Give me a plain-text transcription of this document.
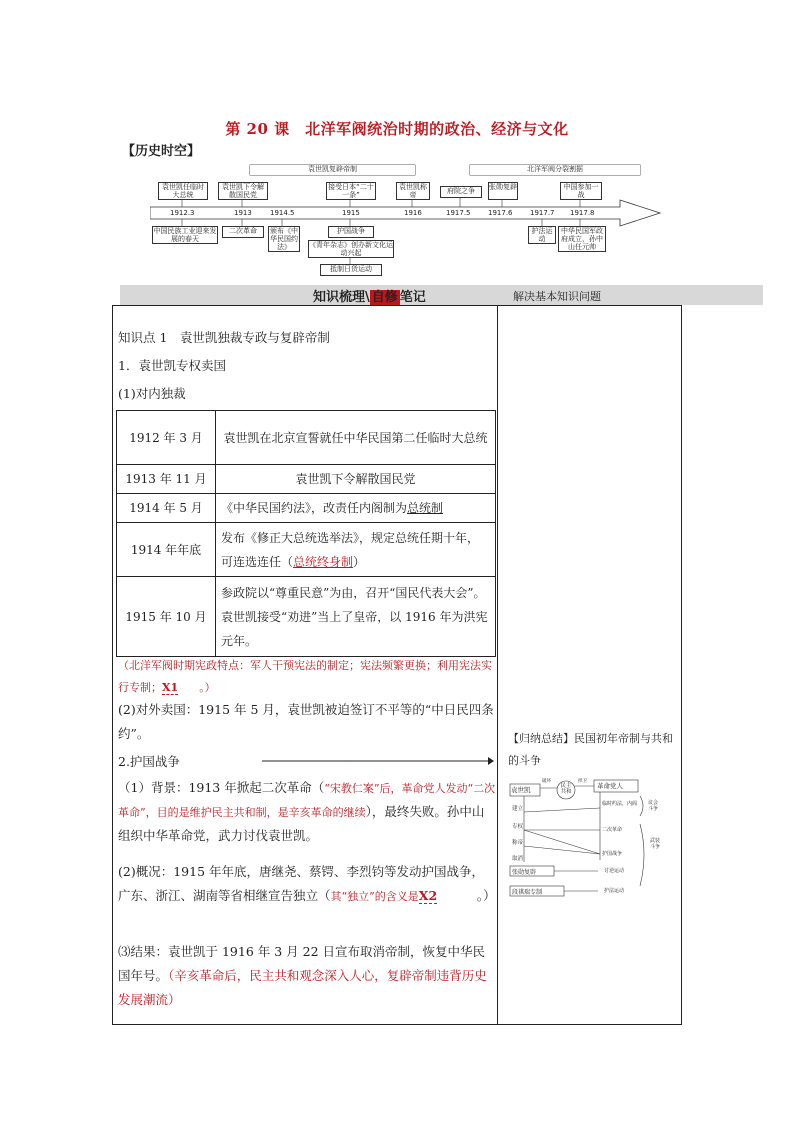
第 20 课　北洋军阀统治时期的政治、经济与文化
【历史时空】
袁世凯复辟帝制	北洋军阀分裂割据
袁世凯任临时大总统
袁世凯下令解散国民党
接受日本“二十一条”
袁世凯称帝	府院之争	张勋复辟	中国参加一战
1912.3	1913	1914.5	1915	1916	1917.5	1917.6	1917.7 1917.8
中国民族工业迎来发展的春天
二次革命	颁布《中华民国约法》
护国战争
《青年杂志》创办新文化运动兴起
抵制日货运动
护法运动
中华民国军政府成立，孙中山任元帅
知识梳理\ 自修 笔记	解决基本知识问题
知识点 1　袁世凯独裁专政与复辟帝制
1．袁世凯专权卖国
(1)对内独裁
1912 年 3 月	袁世凯在北京宣誓就任中华民国第二任临时大总统
1913 年 11 月	袁世凯下令解散国民党
1914 年 5 月	《中华民国约法》，改责任内阁制为总统制
1914 年年底	发布《修正大总统选举法》，规定总统任期十年，可连选连任（总统终身制）
1915 年 10 月	参政院以“尊重民意”为由，召开“国民代表大会”。袁世凯接受“劝进”当上了皇帝，以 1916 年为洪宪元年。
（北洋军阀时期宪政特点：军人干预宪法的制定；宪法频繁更换；利用宪法实行专制；X1 。）
(2)对外卖国：1915 年 5 月，袁世凯被迫签订不平等的“中日民四条约”。
2.护国战争
（1）背景：1913 年掀起二次革命（“宋教仁案”后，革命党人发动“二次革命”，目的是维护民主共和制，是辛亥革命的继续），最终失败。孙中山组织中华革命党，武力讨伐袁世凯。
(2)概况：1915 年年底，唐继尧、蔡锷、李烈钧等发动护国战争，广东、浙江、湖南等省相继宣告独立（其“独立”的含义是X2	。）
⑶结果：袁世凯于 1916 年 3 月 22 日宣布取消帝制，恢复中华民国年号。（辛亥革命后，民主共和观念深入人心，复辟帝制违背历史发展潮流）
【归纳总结】民国初年帝制与共和的斗争
袁世凯	民主共和
革命党人
建立
专权
称帝
取消
张勋复辟
段祺瑞专制
临时约法，内阁
二次革命
护国战争
讨逆运动
护法运动
议会斗争
武装斗争
破坏	捍卫
